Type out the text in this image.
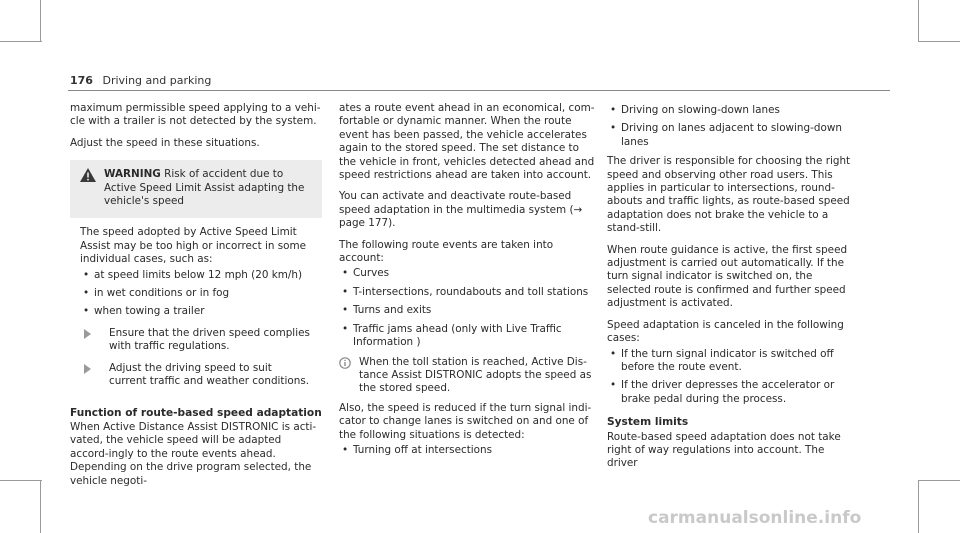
176 Driving and parking

maximum permissible speed applying to a vehi-cle with a trailer is not detected by the system.

Adjust the speed in these situations.

WARNING Risk of accident due to Active Speed Limit Assist adapting the vehicle's speed
The speed adopted by Active Speed Limit Assist may be too high or incorrect in some individual cases, such as:
• at speed limits below 12 mph (20 km/h)
• in wet conditions or in fog
• when towing a trailer
Ensure that the driven speed complies with traffic regulations.
Adjust the driving speed to suit current traffic and weather conditions.
Function of route-based speed adaptation

When Active Distance Assist DISTRONIC is acti-vated, the vehicle speed will be adapted accord-ingly to the route events ahead. Depending on the drive program selected, the vehicle negoti-

ates a route event ahead in an economical, com-fortable or dynamic manner. When the route event has been passed, the vehicle accelerates again to the stored speed. The set distance to the vehicle in front, vehicles detected ahead and speed restrictions ahead are taken into account.

You can activate and deactivate route-based speed adaptation in the multimedia system (→ page 177).

The following route events are taken into account:

• Curves
• T-intersections, roundabouts and toll stations
• Turns and exits
• Traffic jams ahead (only with Live Traffic Information )
When the toll station is reached, Active Dis-tance Assist DISTRONIC adopts the speed as the stored speed.

Also, the speed is reduced if the turn signal indi-cator to change lanes is switched on and one of the following situations is detected:

• Turning off at intersections
• Driving on slowing-down lanes
• Driving on lanes adjacent to slowing-down lanes

The driver is responsible for choosing the right speed and observing other road users. This applies in particular to intersections, round-abouts and traffic lights, as route-based speed adaptation does not brake the vehicle to a stand-still.

When route guidance is active, the first speed adjustment is carried out automatically. If the turn signal indicator is switched on, the selected route is confirmed and further speed adjustment is activated.

Speed adaptation is canceled in the following cases:

• If the turn signal indicator is switched off before the route event.
• If the driver depresses the accelerator or brake pedal during the process.
System limits

Route-based speed adaptation does not take right of way regulations into account. The driver

carmanualsonline.info
